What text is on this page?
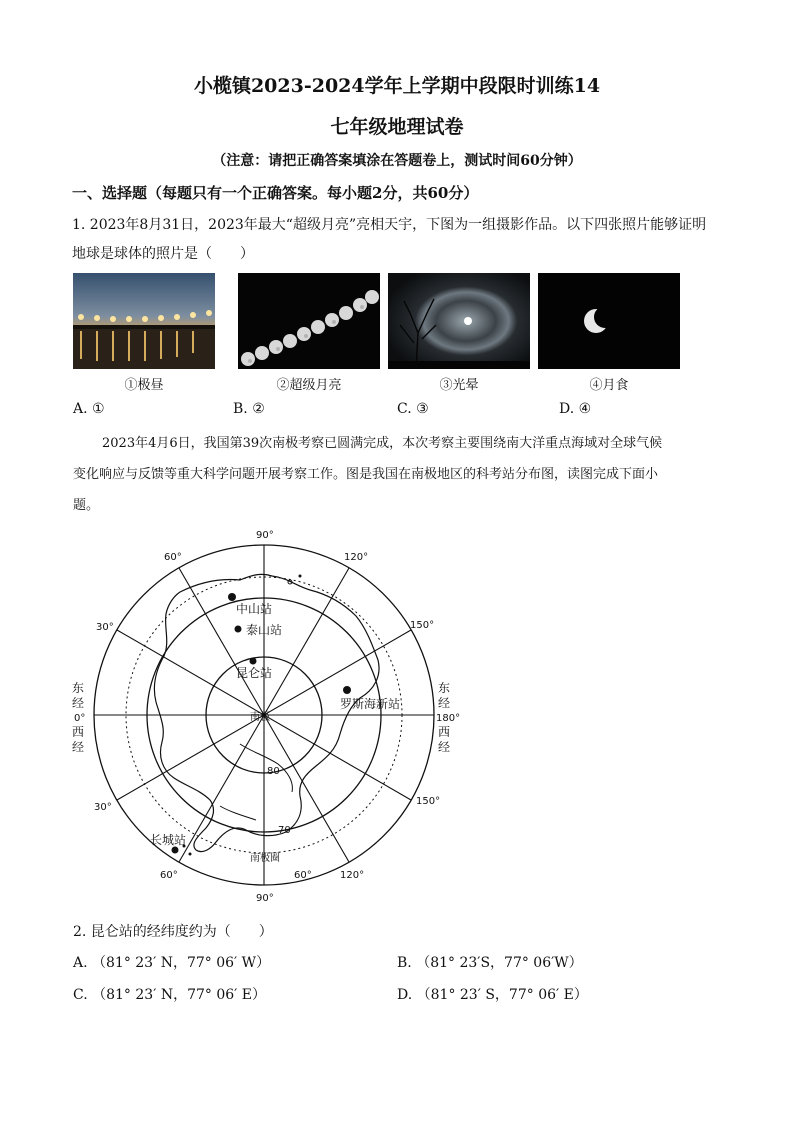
小榄镇2023-2024学年上学期中段限时训练14
七年级地理试卷
（注意：请把正确答案填涂在答题卷上，测试时间60分钟）
一、选择题（每题只有一个正确答案。每小题2分，共60分）
1. 2023年8月31日，2023年最大“超级月亮”亮相天宇，下图为一组摄影作品。以下四张照片能够证明
地球是球体的照片是（　　）
①极昼	②超级月亮	③光晕	④月食
A. ①	B. ②	C. ③	D. ④
2023年4月6日，我国第39次南极考察已圆满完成，本次考察主要围绕南大洋重点海域对全球气候
变化响应与反馈等重大科学问题开展考察工作。图是我国在南极地区的科考站分布图，读图完成下面小
题。
中山站
泰山站
昆仑站
罗斯海新站
长城站
南极
南极圈
80
70
90°
90°
120°
150°
60°
30°
30°
60°	60°	120°
150°
东
经
0°
西
经
东
经
180°
西
经
2. 昆仑站的经纬度约为（　　）
A. （81° 23′ N，77° 06′ W）	B. （81° 23′S，77° 06′W）
C. （81° 23′ N，77° 06′ E）	D. （81° 23′ S，77° 06′ E）
